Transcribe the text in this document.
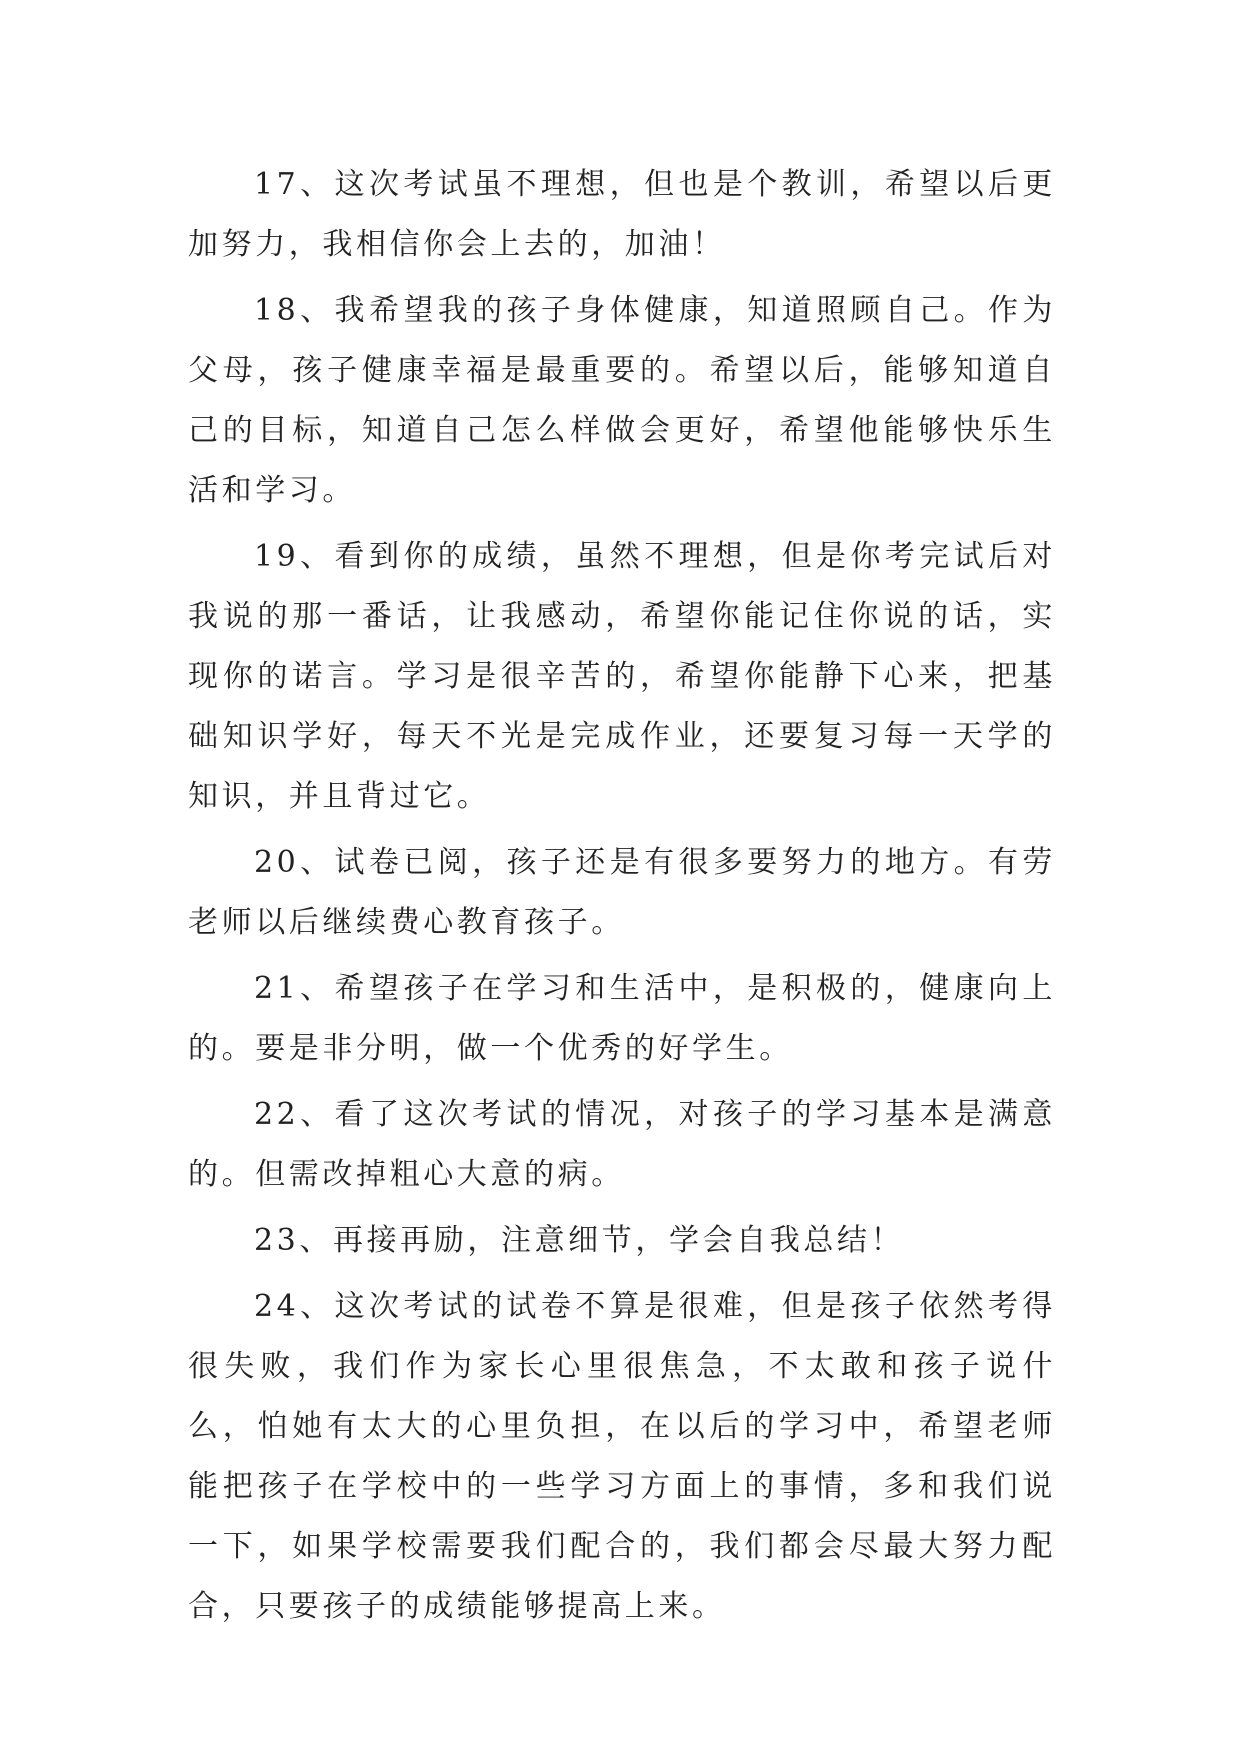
17、这次考试虽不理想，但也是个教训，希望以后更加努力，我相信你会上去的，加油！

18、我希望我的孩子身体健康，知道照顾自己。作为父母，孩子健康幸福是最重要的。希望以后，能够知道自己的目标，知道自己怎么样做会更好，希望他能够快乐生活和学习。

19、看到你的成绩，虽然不理想，但是你考完试后对我说的那一番话，让我感动，希望你能记住你说的话，实现你的诺言。学习是很辛苦的，希望你能静下心来，把基础知识学好，每天不光是完成作业，还要复习每一天学的知识，并且背过它。

20、试卷已阅，孩子还是有很多要努力的地方。有劳老师以后继续费心教育孩子。

21、希望孩子在学习和生活中，是积极的，健康向上的。要是非分明，做一个优秀的好学生。

22、看了这次考试的情况，对孩子的学习基本是满意的。但需改掉粗心大意的病。

23、再接再励，注意细节，学会自我总结！

24、这次考试的试卷不算是很难，但是孩子依然考得很失败，我们作为家长心里很焦急，不太敢和孩子说什么，怕她有太大的心里负担，在以后的学习中，希望老师能把孩子在学校中的一些学习方面上的事情，多和我们说一下，如果学校需要我们配合的，我们都会尽最大努力配合，只要孩子的成绩能够提高上来。
